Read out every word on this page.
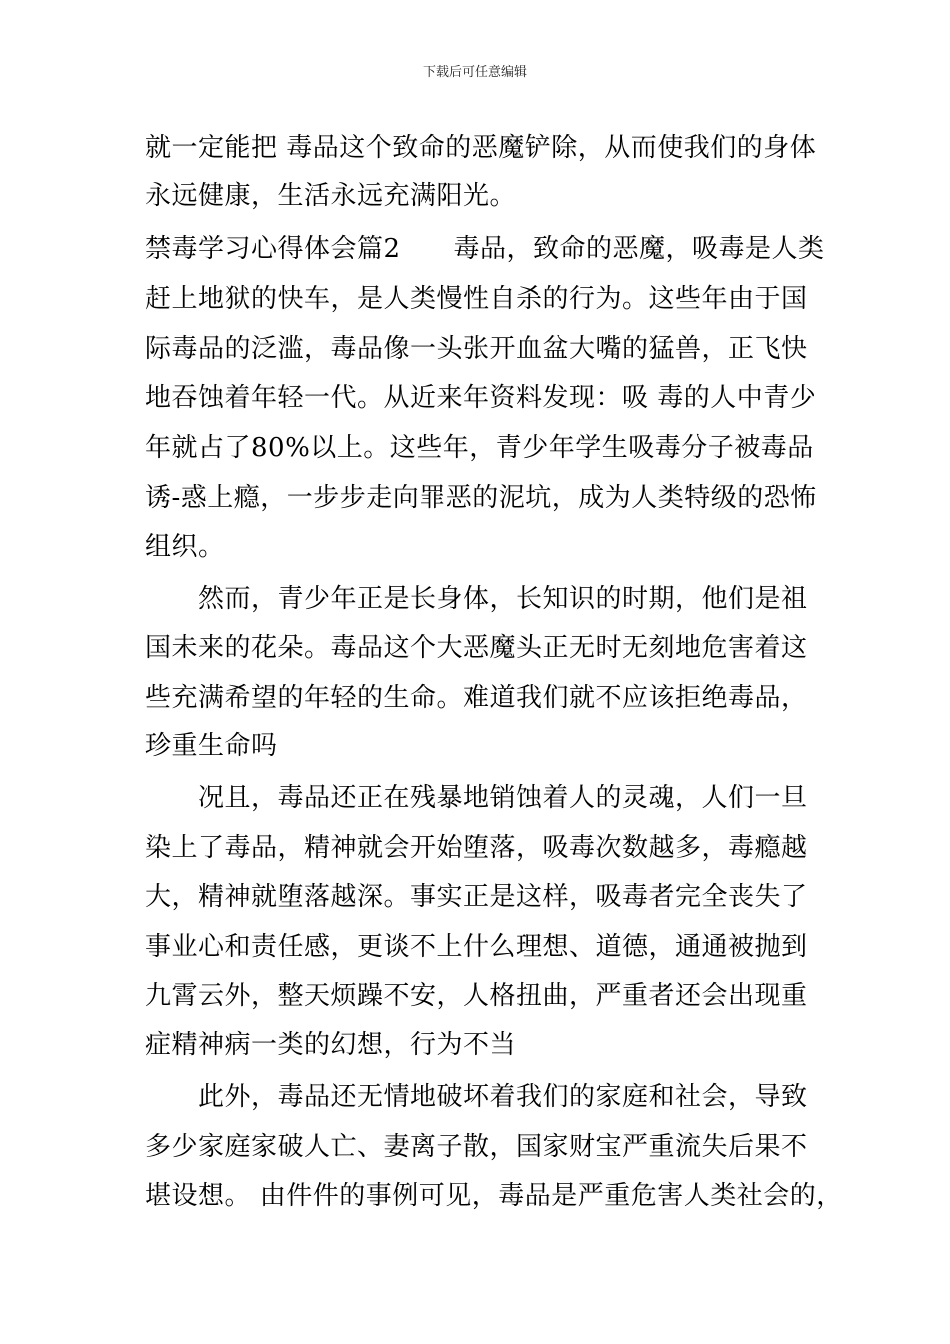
下载后可任意编辑
就一定能把 毒品这个致命的恶魔铲除，从而使我们的身体
永远健康，生活永远充满阳光。
禁毒学习心得体会篇2　　毒品，致命的恶魔，吸毒是人类
赶上地狱的快车，是人类慢性自杀的行为。这些年由于国
际毒品的泛滥，毒品像一头张开血盆大嘴的猛兽，正飞快
地吞蚀着年轻一代。从近来年资料发现：吸 毒的人中青少
年就占了80%以上。这些年，青少年学生吸毒分子被毒品
诱-惑上瘾，一步步走向罪恶的泥坑，成为人类特级的恐怖
组织。
　　然而，青少年正是长身体，长知识的时期，他们是祖
国未来的花朵。毒品这个大恶魔头正无时无刻地危害着这
些充满希望的年轻的生命。难道我们就不应该拒绝毒品，
珍重生命吗
　　况且，毒品还正在残暴地销蚀着人的灵魂，人们一旦
染上了毒品，精神就会开始堕落，吸毒次数越多，毒瘾越
大，精神就堕落越深。事实正是这样，吸毒者完全丧失了
事业心和责任感，更谈不上什么理想、道德，通通被抛到
九霄云外，整天烦躁不安，人格扭曲，严重者还会出现重
症精神病一类的幻想，行为不当
　　此外，毒品还无情地破坏着我们的家庭和社会，导致
多少家庭家破人亡、妻离子散，国家财宝严重流失后果不
堪设想。 由件件的事例可见，毒品是严重危害人类社会的，
